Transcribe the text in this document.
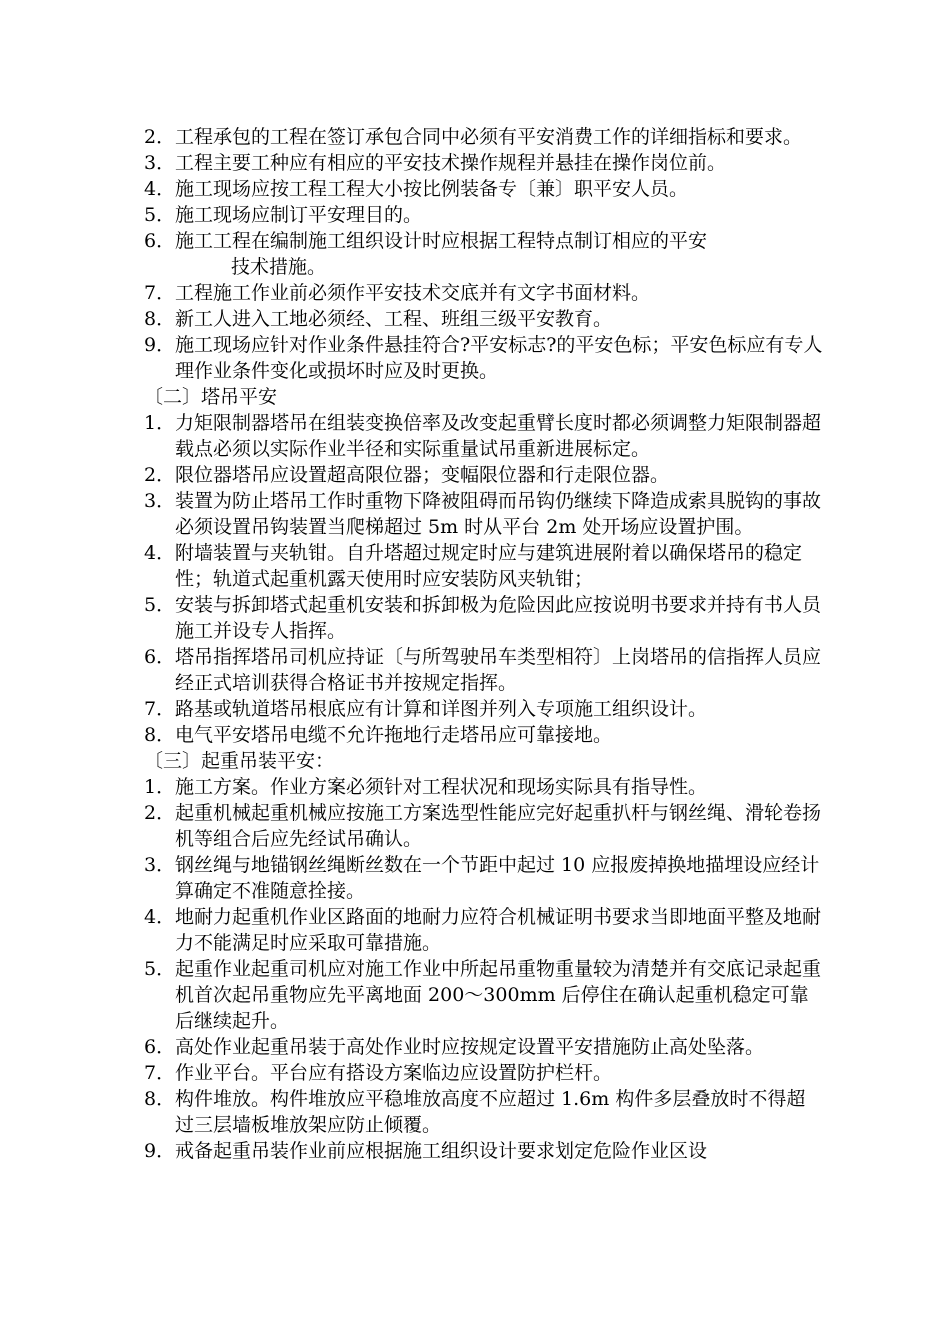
2． 工程承包的工程在签订承包合同中必须有平安消费工作的详细指标和要求。

3． 工程主要工种应有相应的平安技术操作规程并悬挂在操作岗位前。

4． 施工现场应按工程工程大小按比例装备专〔兼〕职平安人员。

5． 施工现场应制订平安理目的。

6． 施工工程在编制施工组织设计时应根据工程特点制订相应的平安
技术措施。

7． 工程施工作业前必须作平安技术交底并有文字书面材料。

8． 新工人进入工地必须经、工程、班组三级平安教育。

9． 施工现场应针对作业条件悬挂符合?平安标志?的平安色标；平安色标应有专人理作业条件变化或损坏时应及时更换。

〔二〕塔吊平安

1． 力矩限制器塔吊在组装变换倍率及改变起重臂长度时都必须调整力矩限制器超载点必须以实际作业半径和实际重量试吊重新进展标定。

2． 限位器塔吊应设置超高限位器；变幅限位器和行走限位器。

3． 装置为防止塔吊工作时重物下降被阻碍而吊钩仍继续下降造成索具脱钩的事故必须设置吊钩装置当爬梯超过 5m 时从平台 2m 处开场应设置护围。

4． 附墙装置与夹轨钳。自升塔超过规定时应与建筑进展附着以确保塔吊的稳定性；轨道式起重机露天使用时应安装防风夹轨钳；

5． 安装与拆卸塔式起重机安装和拆卸极为危险因此应按说明书要求并持有书人员施工并设专人指挥。

6． 塔吊指挥塔吊司机应持证〔与所驾驶吊车类型相符〕上岗塔吊的信指挥人员应经正式培训获得合格证书并按规定指挥。

7． 路基或轨道塔吊根底应有计算和详图并列入专项施工组织设计。

8． 电气平安塔吊电缆不允许拖地行走塔吊应可靠接地。

〔三〕起重吊装平安：

1． 施工方案。作业方案必须针对工程状况和现场实际具有指导性。

2． 起重机械起重机械应按施工方案选型性能应完好起重扒杆与钢丝绳、滑轮卷扬机等组合后应先经试吊确认。

3． 钢丝绳与地锚钢丝绳断丝数在一个节距中起过 10 应报废掉换地描埋设应经计算确定不准随意拴接。

4． 地耐力起重机作业区路面的地耐力应符合机械证明书要求当即地面平整及地耐力不能满足时应采取可靠措施。

5． 起重作业起重司机应对施工作业中所起吊重物重量较为清楚并有交底记录起重机首次起吊重物应先平离地面 200～300mm 后停住在确认起重机稳定可靠后继续起升。

6． 高处作业起重吊装于高处作业时应按规定设置平安措施防止高处坠落。

7． 作业平台。平台应有搭设方案临边应设置防护栏杆。

8． 构件堆放。构件堆放应平稳堆放高度不应超过 1.6m 构件多层叠放时不得超过三层墙板堆放架应防止倾覆。

9． 戒备起重吊装作业前应根据施工组织设计要求划定危险作业区设
